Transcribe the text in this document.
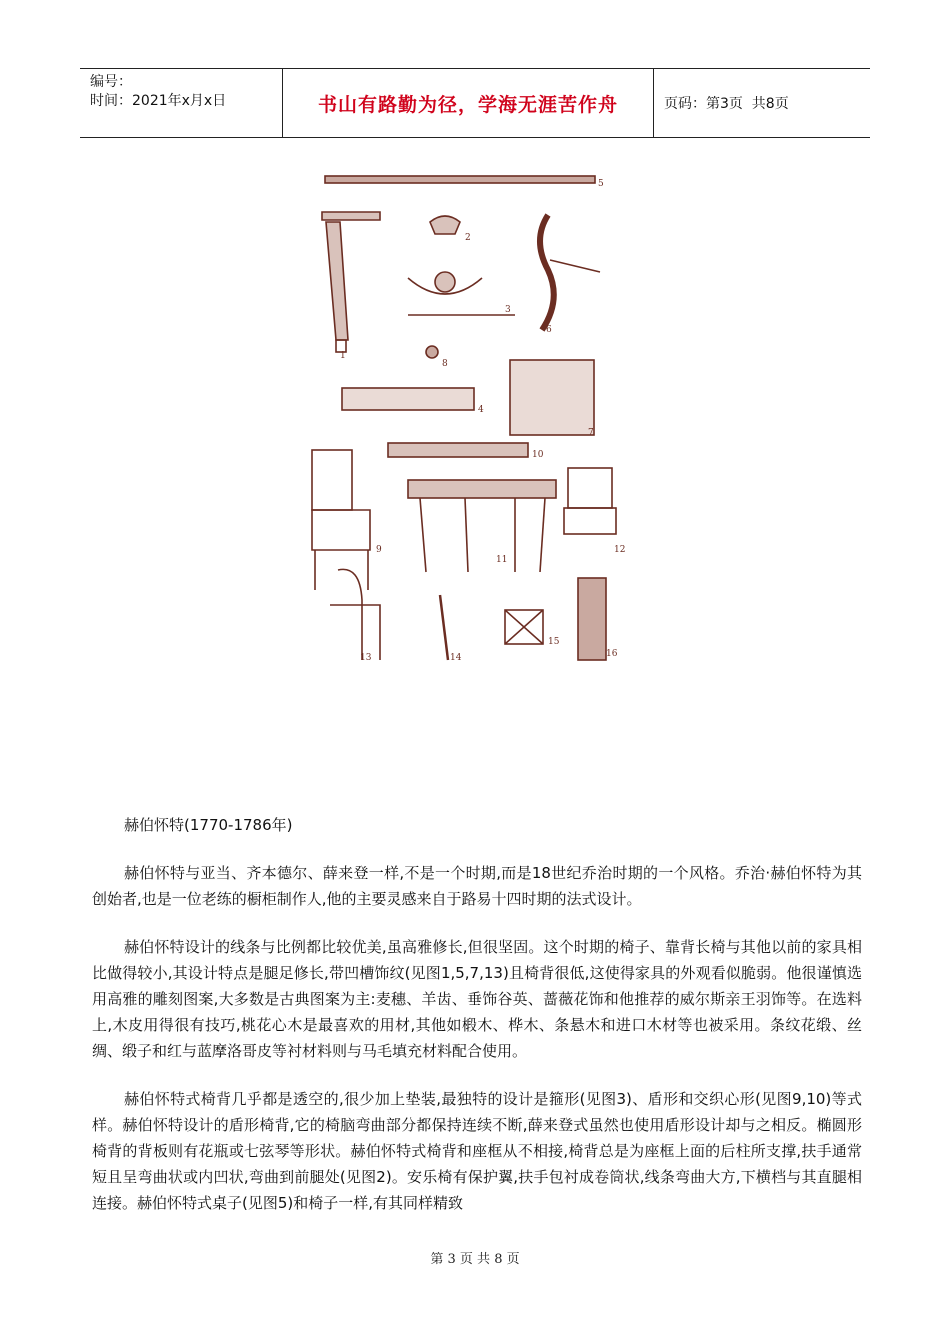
编号：
时间：2021年x月x日	书山有路勤为径，学海无涯苦作舟	页码：第3页  共8页
1
2
3
4
5
6
7
8
9
10
11
12
13	14
15
16

赫伯怀特(1770-1786年)

赫伯怀特与亚当、齐本德尔、薛来登一样,不是一个时期,而是18世纪乔治时期的一个风格。乔治·赫伯怀特为其创始者,也是一位老练的橱柜制作人,他的主要灵感来自于路易十四时期的法式设计。

赫伯怀特设计的线条与比例都比较优美,虽高雅修长,但很坚固。这个时期的椅子、靠背长椅与其他以前的家具相比做得较小,其设计特点是腿足修长,带凹槽饰纹(见图1,5,7,13)且椅背很低,这使得家具的外观看似脆弱。他很谨慎选用高雅的雕刻图案,大多数是古典图案为主:麦穗、羊齿、垂饰谷英、蔷薇花饰和他推荐的威尔斯亲王羽饰等。在选料上,木皮用得很有技巧,桃花心木是最喜欢的用材,其他如椴木、桦木、条悬木和进口木材等也被采用。条纹花缎、丝绸、缎子和红与蓝摩洛哥皮等衬材料则与马毛填充材料配合使用。

赫伯怀特式椅背几乎都是透空的,很少加上垫装,最独特的设计是箍形(见图3)、盾形和交织心形(见图9,10)等式样。赫伯怀特设计的盾形椅背,它的椅脑弯曲部分都保持连续不断,薛来登式虽然也使用盾形设计却与之相反。椭圆形椅背的背板则有花瓶或七弦琴等形状。赫伯怀特式椅背和座框从不相接,椅背总是为座框上面的后柱所支撑,扶手通常短且呈弯曲状或内凹状,弯曲到前腿处(见图2)。安乐椅有保护翼,扶手包衬成卷筒状,线条弯曲大方,下横档与其直腿相连接。赫伯怀特式桌子(见图5)和椅子一样,有其同样精致

第 3 页 共 8 页
